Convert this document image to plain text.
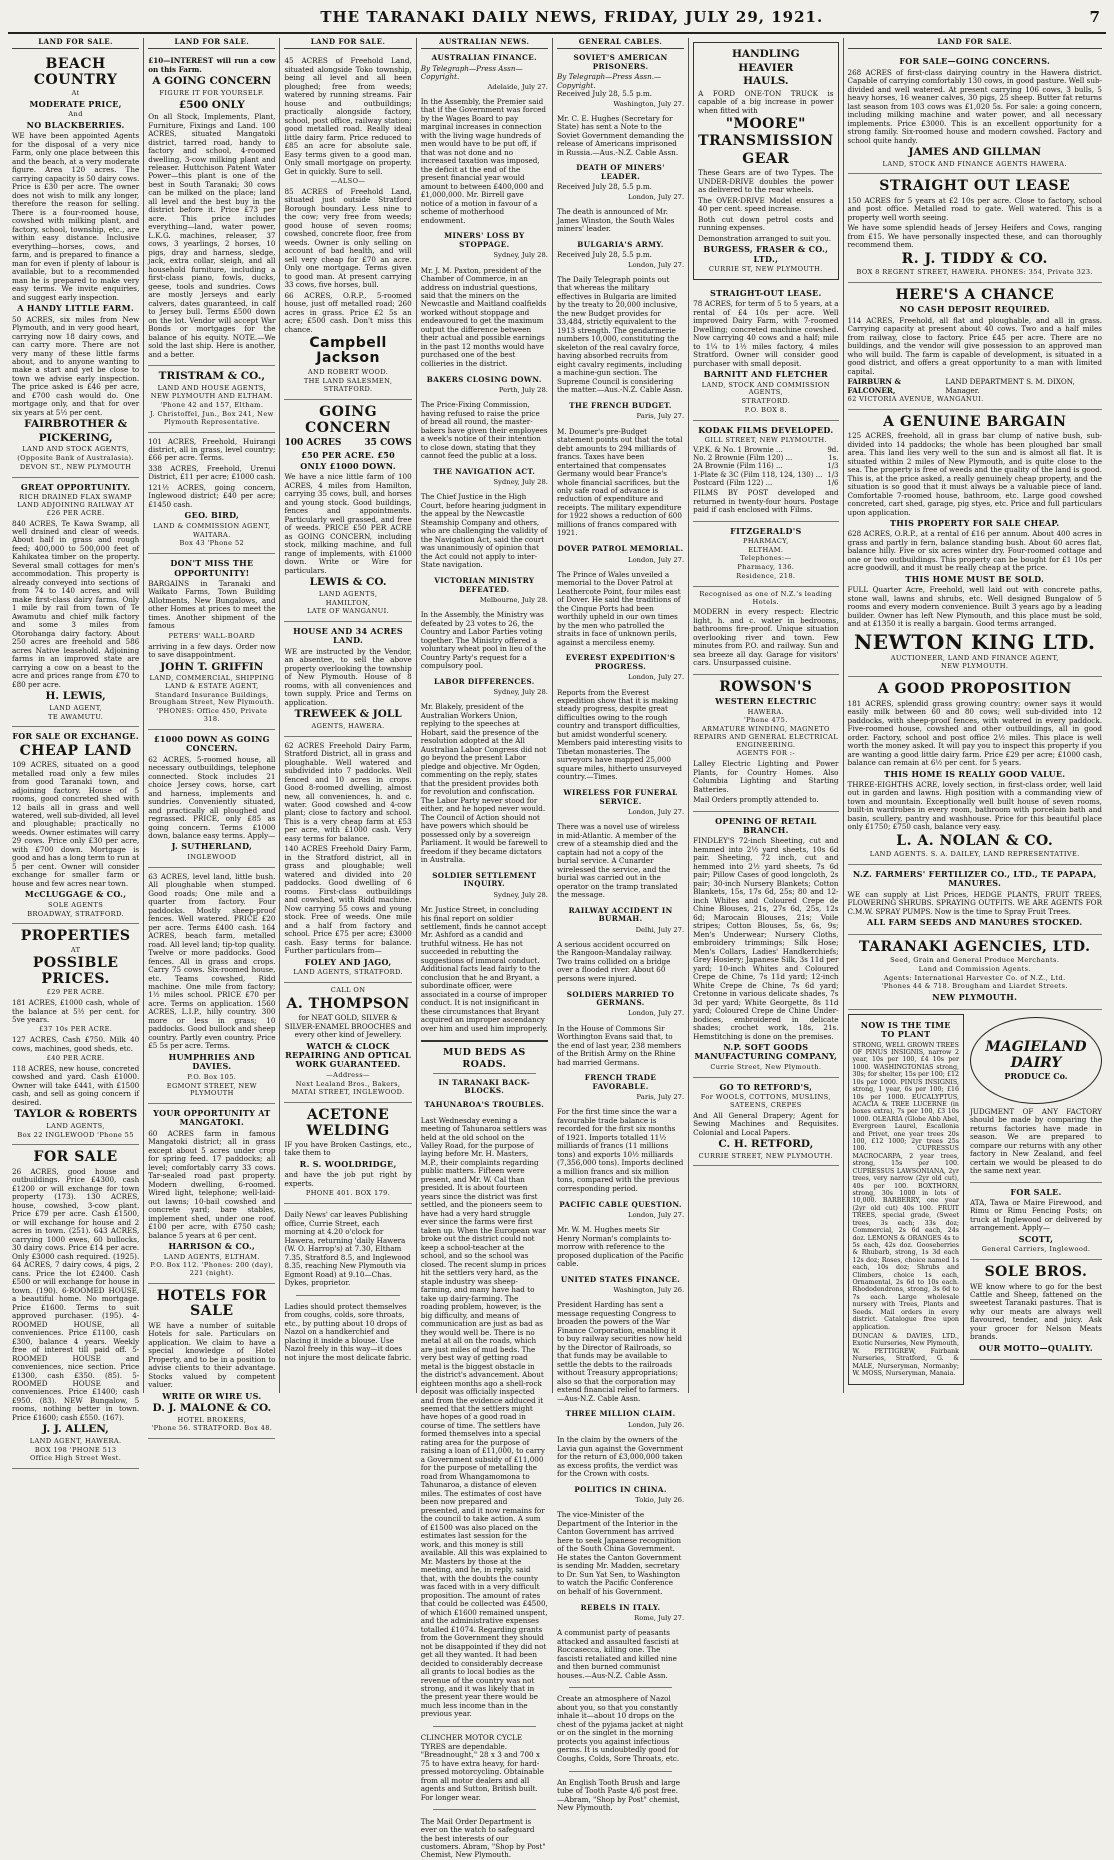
THE TARANAKI DAILY NEWS, FRIDAY, JULY 29, 1921.	7
LAND FOR SALE.
BEACH COUNTRY
At
MODERATE PRICE,
And
NO BLACKBERRIES.

WE have been appointed Agents for the disposal of a very nice Farm, only one place between this and the beach, at a very moderate figure. Area 120 acres. The carrying capacity is 50 dairy cows. Price is £30 per acre. The owner does not wish to milk any longer, therefore the reason for selling. There is a four-roomed house, cowshed with milking plant, and factory, school, township, etc., are within easy distance. Inclusive everything—horses, cows, and farm, and is prepared to finance a man for even if plenty of labour is available, but to a recommended man he is prepared to make very easy terms. We invite enquiries, and suggest early inspection.

A HANDY LITTLE FARM.

50 ACRES, six miles from New Plymouth, and in very good heart, carrying now 18 dairy cows, and can carry more. There are not very many of these little farms about, and to anyone wanting to make a start and yet be close to town we advise early inspection. The price asked is £46 per acre, and £700 cash would do. One mortgage only, and that for over six years at 5½ per cent.

FAIRBROTHER &
PICKERING,
LAND AND STOCK AGENTS,
(Opposite Bank of Australasia).
DEVON ST., NEW PLYMOUTH
GREAT OPPORTUNITY.
RICH DRAINED FLAX SWAMP LAND ADJOINING RAILWAY AT £26 PER ACRE.

840 ACRES, Te Kawa Swamp, all well drained and clear of weeds. About half in grass and rough feed; 400,000 to 500,000 feet of Kahikatea timber on the property. Several small cottages for men's accommodation. This property is already conveyed into sections of from 74 to 140 acres, and will make first-class dairy farms. Only 1 mile by rail from town of Te Awamutu and chief milk factory and some 3 miles from Otorohanga dairy factory. About 250 acres are freehold and 586 acres Native leasehold. Adjoining farms in an improved state are carrying a cow on a beast to the acre and prices range from £70 to £80 per acre.

H. LEWIS,
LAND AGENT,
TE AWAMUTU.
FOR SALE OR EXCHANGE.
CHEAP LAND

109 ACRES, situated on a good metalled road only a few miles from good Taranaki town, and adjoining factory. House of 5 rooms, good concreted shed with 12 bails all in grass and well watered, well sub-divided, all level and ploughable; practically no weeds. Owner estimates will carry 29 cows. Price only £30 per acre, with £700 down. Mortgage is good and has a long term to run at 5 per cent. Owner will consider exchange for smaller farm or house and few acres near town.

McCLUGGAGE & CO.,
SOLE AGENTS
BROADWAY, STRATFORD.
PROPERTIES
AT
POSSIBLE PRICES.
£29 PER ACRE.

181 ACRES, £1000 cash, whole of the balance at 5½ per cent. for 5ve years.

£37 10s PER ACRE.

127 ACRES, Cash £750. Milk 40 cows, machines, good sheds, etc.

£40 PER ACRE.

118 ACRES, new house, concreted cowshed and yard. Cash £1000. Owner will take £441, with £1500 cash, and sell as going concern if desired.

TAYLOR & ROBERTS
LAND AGENTS,
Box 22 INGLEWOOD 'Phone 55
FOR SALE

26 ACRES, good house and outbuildings. Price £4300, cash £1200 or will exchange for town property (173). 130 ACRES, house, cowshed, 3-cow plant. Price £79 per acre. Cash £1500, or will exchange for house and 2 acres in town. (251). 643 ACRES, carrying 1000 ewes, 60 bullocks, 30 dairy cows. Price £14 per acre. Only £3000 cash required. (1925). 64 ACRES, 7 dairy cows, 4 pigs, 2 cans. Price the lot £2400. Cash £500 or will exchange for house in town. (190). 6-ROOMED HOUSE, a beautiful home. No mortgage. Price £1600. Terms to suit approved purchaser. (195). 4-ROOMED HOUSE, all conveniences. Price £1100, cash £300, balance 4 years. Weekly free of interest till paid off. 5-ROOMED HOUSE and conveniences, nice section. Price £1300, cash £350. (85). 5-ROOMED HOUSE and conveniences. Price £1400; cash £950. (83). NEW Bungalow, 5 rooms, nothing better in town. Price £1600; cash £550. (167).

J. J. ALLEN,
LAND AGENT, HAWERA.
BOX 198 'PHONE 513
Office High Street West.
LAND FOR SALE.

£10—INTEREST will run a cow on this Farm.

A GOING CONCERN
FIGURE IT FOR YOURSELF.
£500 ONLY

On all Stock, Implements, Plant, Furniture, Fixings and Land. 100 ACRES, situated Mangatoki district, tarred road, handy to factory and school, 4-roomed dwelling, 3-cow milking plant and releaser. Huttchison Patent Water Power—this plant is one of the best in South Taranaki; 30 cows can be milked on the place; land all level and the best buy in the district before it. Price £73 per acre. This price includes everything—land, water power, L.K.G. machines, releaser, 37 cows, 3 yearlings, 2 horses, 10 pigs, dray and harness, sledge, jack, extra collar, sleigh, and all household furniture, including a first-class piano, fowls, ducks, geese, tools and sundries. Cows are mostly Jerseys and early calvers, dates guaranteed, in calf to Jersey bull. Terms £500 down on the lot. Vendor will accept War Bonds or mortgages for the balance of his equity. NOTE.—We sold the last ship. Here is another, and a better.

TRISTRAM & CO.,
LAND AND HOUSE AGENTS,
NEW PLYMOUTH AND ELTHAM.
'Phone 42 and 157, Eltham.
J. Christoffel, Jun., Box 241, New Plymouth Representative.

101 ACRES, Freehold, Huirangi district, all in grass, level country; £66 per acre. Terms.

338 ACRES, Freehold, Urenui District, £11 per acre; £1000 cash.

121½ ACRES, going concern, Inglewood district; £40 per acre; £1450 cash.

GEO. BIRD,
LAND & COMMISSION AGENT,
WAITARA.
Box 43 'Phone 52
DON'T MISS THE OPPORTUNITY!

BARGAINS in Taranaki and Waikato Farms, Town Building Allotments, New Bungalows, and other Homes at prices to meet the times. Another shipment of the famous

PETERS' WALL-BOARD

arriving in a few days. Order now to save disappointment.

JOHN T. GRIFFIN
LAND, COMMERCIAL, SHIPPING LAND & ESTATE AGENT,
Standard Insurance Buildings, Brougham Street, New Plymouth.
'PHONES: Office 450, Private 318.
£1000 DOWN AS GOING CONCERN.

62 ACRES, 5-roomed house, all necessary outbuildings, telephone connected. Stock includes 21 choice Jersey cows, horse, cart and harness, implements and sundries. Conveniently situated, and practically all ploughed and regrassed. PRICE, only £85 as going concern. Terms £1000 down, balance easy terms. Apply—

J. SUTHERLAND,
INGLEWOOD

63 ACRES, level land, little bush. All ploughable when stumped. Good roads; One mile and a quarter from factory. Four paddocks. Mostly sheep-proof fences. Well watered. PRICE £20 per acre. Terms £400 cash. 164 ACRES, beach farm, metalled road. All level land; tip-top quality. Twelve or more paddocks. Good fences. All in grass and crops. Carry 75 cows. Six-roomed house, etc. Teams cowshed, Ridd machine. One mile from factory; 1½ miles school. PRICE £70 per acre. Terms on application. 1560 ACRES, L.I.P., hilly country. 300 more or less in grass; 10 paddocks. Good bullock and sheep country. Partly even country. Price £5 5s per acre. Terms.

HUMPHRIES AND DAVIES.
P.O. Box 105.
EGMONT STREET, NEW PLYMOUTH
YOUR OPPORTUNITY AT MANGATOKI.

60 ACRES farm in famous Mangatoki district; all in grass except about 5 acres under crop for spring feed. 17 paddocks; all level; comfortably carry 33 cows. Tar-sealed road past property. Modern dwelling, 6-roomed. Wired light, telephone; well-laid-out lawns; 10-bail cowshed and concrete yard; bare stables, implement shed, under one roof. £100 per acre, with £750 cash; balance 5 years at 6 per cent.

HARRISON & CO.,
LAND AGENTS, ELTHAM.
P.O. Box 112. 'Phones: 200 (day), 221 (night).
HOTELS FOR SALE

WE have a number of suitable Hotels for sale. Particulars on application. We claim to have a special knowledge of Hotel Property, and to be in a position to advise clients to their advantage. Stocks valued by competent valuer.

WRITE OR WIRE US.
D. J. MALONE & CO.
HOTEL BROKERS,
'Phone 56. STRATFORD. Box 48.
LAND FOR SALE.

45 ACRES of Freehold Land, situated alongside Toko township, being all level and all been ploughed; free from weeds; watered by running streams. Fair house and outbuildings; practically alongside factory, school, post office, railway station; good metalled road. Really ideal little dairy farm. Price reduced to £85 an acre for absolute sale. Easy terms given to a good man. Only small mortgage on property. Get in quickly. Sure to sell.

—ALSO—

85 ACRES of Freehold Land, situated just outside Stratford Borough boundary. Less nine to the cow; very free from weeds; good house of seven rooms; cowshed, concrete floor, free from weeds. Owner is only selling on account of bad health, and will sell very cheap for £70 an acre. Only one mortgage. Terms given to good man. At present carrying 33 cows, five horses, bull.

66 ACRES, O.R.P., 5-roomed house, just off metalled road; 260 acres in grass. Price £2 5s an acre; £500 cash. Don't miss this chance.

Campbell Jackson
AND ROBERT WOOD.
THE LAND SALESMEN,
STRATFORD.
GOING CONCERN
100 ACRES	35 COWS
£50 PER ACRE. £50
ONLY £1000 DOWN.

We have a nice little farm of 100 ACRES, 4 miles from Hamilton, carrying 35 cows, bull, and horses and young stock. Good buildings, fences and appointments. Particularly well grassed, and free of weeds. PRICE £50 PER ACRE as GOING CONCERN, including stock, milking machine, and full range of implements, with £1000 down. Write or Wire for particulars.

LEWIS & CO.
LAND AGENTS,
HAMILTON,
LATE OF WANGANUI.
HOUSE AND 34 ACRES LAND.

WE are instructed by the Vendor, an absentee, to sell the above property overlooking the township of New Plymouth. House of 8 rooms, with all conveniences and town supply. Price and Terms on application.

TREWEEK & JOLL
AGENTS, HAWERA.

62 ACRES Freehold Dairy Farm, Stratford District, all in grass and ploughable. Well watered and subdivided into 7 paddocks. Well fenced and 10 acres in crops. Good 8-roomed dwelling, almost new, all conveniences, h. and c. water. Good cowshed and 4-cow plant; close to factory and school. This is a very cheap farm at £53 per acre, with £1000 cash. Very easy terms for balance.

140 ACRES Freehold Dairy Farm, in the Stratford district, all in grass and ploughable; well watered and divided into 20 paddocks. Good dwelling of 6 rooms. First-class outbuildings and cowshed, with Ridd machine. Now carrying 55 cows and young stock. Free of weeds. One mile and a half from factory and school. Price £75 per acre; £3000 cash. Easy terms for balance. Further particulars from—

FOLEY AND JAGO,
LAND AGENTS, STRATFORD.
CALL ON
A. THOMPSON

for NEAT GOLD, SILVER & SILVER-ENAMEL BROOCHES and every other kind of Jewellery.

WATCH & CLOCK REPAIRING AND OPTICAL WORK GUARANTEED.
—Address—
Next Lealand Bros., Bakers,
MATAI STREET, INGLEWOOD.
ACETONE WELDING

IF you have Broken Castings, etc., take them to

R. S. WOOLDRIDGE,

and have the job put right by experts.

PHONE 401. BOX 179.

Daily News' car leaves Publishing office, Currie Street, each morning at 4.20 o'clock for Hawera, returning 'daily Hawera (W. O. Harrop's) at 7.30, Eltham 7.35, Stratford 8.5, and Inglewood 8.35, reaching New Plymouth via Egmont Road) at 9.10—Chas. Dykes, proprietor.

Ladies should protect themselves from coughs, colds, sore throats, etc., by putting about 10 drops of Nazol on a handkerchief and placing it inside a blouse. Use Nazol freely in this way—it does not injure the most delicate fabric.

AUSTRALIAN NEWS.
AUSTRALIAN FINANCE.
By Telegraph—Press Assn—Copyright.
Adelaide, July 27.

In the Assembly, the Premier said that if the Government was forced by the Wages Board to pay marginal increases in connection with the living wage hundreds of men would have to be put off, if that was not done and no increased taxation was imposed, the deficit at the end of the present financial year would amount to between £400,000 and £1,000,000. Mr. Birrell gave notice of a motion in favour of a scheme of motherhood endowment.

MINERS' LOSS BY STOPPAGE.
Sydney, July 28.

Mr. J. M. Paxton, president of the Chamber of Commerce, in an address on industrial questions, said that the miners on the Newcastle and Maitland coalfields worked without stoppage and endeavoured to get the maximum output the difference between their actual and possible earnings in the past 12 months would have purchased one of the best collieries in the district.

BAKERS CLOSING DOWN.
Perth, July 28.

The Price-Fixing Commission, having refused to raise the price of bread all round, the master-bakers have given their employees a week's notice of their intention to close down, stating that they cannot feed the public at a loss.

THE NAVIGATION ACT.
Sydney, July 28.

The Chief Justice in the High Court, before hearing judgment in the appeal by the Newcastle Steamship Company and others, who are challenging the validity of the Navigation Act, said the court was unanimously of opinion that the Act could not apply to inter-State navigation.

VICTORIAN MINISTRY DEFEATED.
Melbourne, July 28.

In the Assembly, the Ministry was defeated by 23 votes to 26, the Country and Labor Parties voting together. The Ministry offered a voluntary wheat pool in lieu of the Country Party's request for a compulsory pool.

LABOR DIFFERENCES.
Sydney, July 28.

Mr. Blakely, president of the Australian Workers Union, replying to the speeches at Hobart, said the presence of the resolution adopted at the All Australian Labor Congress did not go beyond the present Labor pledge and objective. Mr Ogden, commenting on the reply, states that the president provides both for revolution and confiscation. The Labor Party never stood for either, and he hoped never would. The Council of Action should not have powers which should be possessed only by a sovereign Parliament. It would be farewell to freedom if they became dictators in Australia.

SOLDIER SETTLEMENT INQUIRY.
Sydney, July 28.

Mr. Justice Street, in concluding his final report on soldier settlement, finds he cannot accept Mr. Ashford as a candid and truthful witness. He has not succeeded in rebutting the suggestions of immoral conduct. Additional facts lead fairly to the conclusion that he and Bryant, a subordinate officer, were associated in a course of improper conduct. It is not insignificant in these circumstances that Bryant acquired an improper ascendancy over him and used him improperly.

MUD BEDS AS ROADS.
IN TARANAKI BACK-BLOCKS.
TAHUNAROA'S TROUBLES.

Last Wednesday evening a meeting of Tahunaroa settlers was held at the old school on the Valley Road, for the purpose of laying before Mr. H. Masters, M.P., their complaints regarding public matters. Fifteen were present, and Mr. W. Cal than presided. It is about fourteen years since the district was first settled, and the pioneers seem to have had a very hard struggle ever since the farms were first taken up. When the European war broke out the district could not keep a school-teacher at the school, and so the school was closed. The recent slump in prices hit the settlers very hard, as the staple industry was sheep-farming, and many have had to take up dairy-farming. The roading problem, however, is the big difficulty, and means of communication are just as bad as they would well be. There is no metal at all on the roads, which are just miles of mud beds. The very best way of getting road metal is the biggest obstacle in the district's advancement. About eighteen months ago a shell-rock deposit was officially inspected and from the evidence adduced it seemed that the settlers might have hopes of a good road in course of time. The settlers have formed themselves into a special rating area for the purpose of raising a loan of £11,000, to carry a Government subsidy of £11,000 for the purpose of metalling the road from Whangamomona to Tahunaroa, a distance of eleven miles. The estimates of cost have been now prepared and presented, and it now remains for the council to take action. A sum of £1500 was also placed on the estimates last session for the work, and this money is still available. All this was explained to Mr. Masters by those at the meeting, and he, in reply, said that, with the doubts the county was faced with in a very difficult proposition. The amount of rates that could be collected was £4500, of which £1600 remained unspent, and the administrative expenses totalled £1074. Regarding grants from the Government they should not be disappointed if they did not get all they wanted. It had been decided to considerably decrease all grants to local bodies as the revenue of the country was not strong, and it was likely that in the present year there would be much less income than in the previous year.

CLINCHER MOTOR CYCLE TYRES are dependable. "Breadnought," 28 x 3 and 700 x 75 to have extra heavy, for hard-pressed motorcycling. Obtainable from all motor dealers and all agents and Sutton, British built. For longer wear.

The Mail Order Department is ever on the watch to safeguard the best interests of our customers. Abram, "Shop by Post" Chemist, New Plymouth.

GENERAL CABLES.
SOVIET'S AMERICAN PRISONERS.
By Telegraph—Press Assn.—Copyright.
Received July 28, 5.5 p.m.
Washington, July 27.

Mr. C. E. Hughes (Secretary for State) has sent a Note to the Soviet Government demanding the release of Americans imprisoned in Russia.—Aus.-N.Z. Cable Assn.

DEATH OF MINERS' LEADER.
Received July 28, 5.5 p.m.
London, July 27.

The death is announced of Mr. James Winston, the South Wales miners' leader.

BULGARIA'S ARMY.
Received July 28, 5.5 p.m.
London, July 27.

The Daily Telegraph points out that whereas the military effectives in Bulgaria are limited by the treaty to 20,000 inclusive, the new Budget provides for 33,484, strictly equivalent to the 1913 strength. The gendarmerie numbers 10,000, constituting the skeleton of the real cavalry force, having absorbed recruits from eight cavalry regiments, including a machine-gun section. The Supreme Council is considering the matter.—Aus.-N.Z. Cable Assn.

THE FRENCH BUDGET.
Paris, July 27.

M. Doumer's pre-Budget statement points out that the total debt amounts to 294 milliards of francs. Taxes have been entertained that compensates Germany would bear France's whole financial sacrifices, but the only safe road of advance is reduction of expenditure and receipts. The military expenditure for 1922 shows a reduction of 600 millions of francs compared with 1921.

DOVER PATROL MEMORIAL.
London, July 27.

The Prince of Wales unveiled a memorial to the Dover Patrol at Leathercote Point, four miles east of Dover. He said the traditions of the Cinque Ports had been worthily upheld in our own times by the men who patrolled the straits in face of unknown perils, against a merciless enemy.

EVEREST EXPEDITION'S PROGRESS.
London, July 27.

Reports from the Everest expedition show that it is making steady progress, despite great difficulties owing to the rough country and transport difficulties, but amidst wonderful scenery. Members paid interesting visits to Tibetan monasteries. The surveyors have mapped 25,000 square miles, hitherto unsurveyed country.—Times.

WIRELESS FOR FUNERAL SERVICE.
London, July 27.

There was a novel use of wireless in mid-Atlantic. A member of the crew of a steamship died and the captain had not a copy of the burial service. A Cunarder wirelessed the service, and the burial was carried out in the operator on the tramp translated the message.

RAILWAY ACCIDENT IN BURMAH.
Delhi, July 27.

A serious accident occurred on the Rangoon-Mandalay railway. Two trains collided on a bridge over a flooded river. About 60 persons were injured.

SOLDIERS MARRIED TO GERMANS.
London, July 27.

In the House of Commons Sir Worthington Evans said that, to the end of last year, 238 members of the British Army on the Rhine had married Germans.

FRENCH TRADE FAVORABLE.
Paris, July 27.

For the first time since the war a favourable trade balance is recorded for the first six months of 1921. Imports totalled 11½ milliards of francs (11 millions tons) and exports 10½ milliards (7,356,000 tons). Imports declined a million francs and six million tons, compared with the previous corresponding period.

PACIFIC CABLE QUESTION.
London, July 27.

Mr. W. M. Hughes meets Sir Henry Norman's complaints to-morrow with reference to the proposed duplication of the Pacific cable.

UNITED STATES FINANCE.
Washington, July 26.

President Harding has sent a message requesting Congress to broaden the powers of the War Finance Corporation, enabling it to buy railway securities now held by the Director of Railroads, so that funds may be available to settle the debts to the railroads without Treasury appropriations; also so that the corporation may extend financial relief to farmers.—Aus-N.Z. Cable Assn.

THREE MILLION CLAIM.
London, July 26.

In the claim by the owners of the Lavia gun against the Government for the return of £3,000,000 taken as excess profits, the verdict was for the Crown with costs.

POLITICS IN CHINA.
Tokio, July 26.

The vice-Minister of the Department of the Interior in the Canton Government has arrived here to seek Japanese recognition of the South China Government. He states the Canton Government is sending Mr. Madden, secretary to Dr. Sun Yat Sen, to Washington to watch the Pacific Conference on behalf of his Government.

REBELS IN ITALY.
Rome, July 27.

A communist party of peasants attacked and assaulted fascisti at Roccasecca, killing one. The fascisti retaliated and killed nine and then burned communist houses.—Aus-N.Z. Cable Assn.

Create an atmosphere of Nazol about you, so that you constantly inhale it—about 10 drops on the chest of the pyjama jacket at night or on the singlet in the morning protects you against infectious germs. It is undoubtedly good for Coughs, Colds, Sore Throats, etc.

An English Tooth Brush and large tube of Tooth Paste 4/6 post free.—Abram, "Shop by Post" chemist, New Plymouth.

HANDLING
HEAVIER
HAULS.

A FORD ONE-TON TRUCK is capable of a big increase in power when fitted with

"MOORE"
TRANSMISSION
GEAR

These Gears are of two Types. The UNDER-DRIVE doubles the power as delivered to the rear wheels.

The OVER-DRIVE Model ensures a 40 per cent. speed increase.

Both cut down petrol costs and running expenses.

Demonstration arranged to suit you.

BURGESS, FRASER & CO., LTD.,
CURRIE ST, NEW PLYMOUTH.
STRAIGHT-OUT LEASE.

78 ACRES, for term of 5 to 5 years, at a rental of £4 10s per acre. Well improved Dairy Farm, with 7-roomed Dwelling; concreted machine cowshed. Now carrying 40 cows and a half; mile to 1¼ to 1½ miles factory, 4 miles Stratford. Owner will consider good purchaser with small deposit.

BARNITT AND FLETCHER
LAND, STOCK AND COMMISSION AGENTS,
STRATFORD.
P.O. BOX 8.
KODAK FILMS DEVELOPED.
GILL STREET, NEW PLYMOUTH.
V.P.K. & No. 1 Brownie ...	9d.
No. 2 Brownie (Film 120) ...	1s.
2A Brownie (Film 116) ...	1/3
1-Plate & 3C (Film 118, 124, 130) ... 1/3
Postcard (Film 122) ...	1/6

FILMS BY POST developed and returned in twenty-four hours. Postage paid if cash enclosed with Films.

FITZGERALD'S
PHARMACY,
ELTHAM.
Telephones:—
Pharmacy, 136.
Residence, 218.
Recognised as one of N.Z.'s leading Hotels.

MODERN in every respect: Electric light, h. and c. water in bedrooms, bathrooms fire-proof. Unique situation overlooking river and town. Few minutes from P.O. and railway. Sun and sea breeze all day. Garage for visitors' cars. Unsurpassed cuisine.

ROWSON'S
WESTERN ELECTRIC
HAWERA.
'Phone 475.
ARMATURE WINDING, MAGNETO REPAIRS AND GENERAL ELECTRICAL ENGINEERING.
AGENTS FOR :-

Lalley Electric Lighting and Power Plants, for Country Homes. Also Columbia Lighting and Starting Batteries.

Mail Orders promptly attended to.

OPENING OF RETAIL BRANCH.

FINDLEY'S 72-inch Sheeting, cut and hemmed into 2½ yard sheets, 10s 6d pair. Sheeting, 72 inch, cut and hemmed into 2½ yard sheets, 7s 6d pair; Pillow Cases of good longcloth, 2s pair; 30-inch Nursery Blankets; Cotton Blankets, 15s, 17s 6d, 25s; 80 and 12-inch Whites and Coloured Crepe de Chine Blouses, 21s, 27s 6d, 25s, 12s 6d; Marocain Blouses, 21s; Voile stripes; Cotton Blouses, 5s, 6s, 9s; Men's Underwear; Nursery Cloths, embroidery trimmings; Silk Hose; Men's Collars, Ladies' Handkerchiefs; Grey Hosiery; Japanese Silk, 3s 11d per yard; 10-inch Whites and Coloured Crepe de Chine, 7s 11d yard; 12-inch White Crepe de Chine, 7s 6d yard; Cretonne in various delicate shades, 7s 3d per yard; White Georgette, 8s 11d yard; Coloured Crepe de Chine Under-bodices, embroidered in delicate shades; crochet work, 18s, 21s. Hemstitching is done on the premises.

N.P. SOFT GOODS MANUFACTURING COMPANY,
Currie Street, New Plymouth.
GO TO RETFORD'S,
For WOOLS, COTTONS, MUSLINS, SATEENS, CREPES

And All General Drapery; Agent for Sewing Machines and Requisites. Colonial and Local Papers.

C. H. RETFORD,
CURRIE STREET, NEW PLYMOUTH.
LAND FOR SALE.
FOR SALE—GOING CONCERNS.

268 ACRES of first-class dairying country in the Hawera district. Capable of carrying comfortably 130 cows, in good pasture. Well sub-divided and well watered. At present carrying 106 cows, 3 bulls, 5 heavy horses, 16 weaner calves, 30 pigs, 25 sheep. Butter fat returns last season from 103 cows was £1,020 5s. For sale: a going concern, including milking machine and water power, and all necessary implements. Price £3000. This is an excellent opportunity for a strong family. Six-roomed house and modern cowshed. Factory and school quite handy.

JAMES AND GILLMAN
LAND, STOCK AND FINANCE AGENTS HAWERA.
STRAIGHT OUT LEASE

150 ACRES for 5 years at £2 10s per acre. Close to factory, school and post office. Metalled road to gate. Well watered. This is a property well worth seeing.

We have some splendid heads of Jersey Heifers and Cows, ranging from £15. We have personally inspected these, and can thoroughly recommend them.

R. J. TIDDY & CO.
BOX 8 REGENT STREET, HAWERA. PHONES: 354, Private 323.
HERE'S A CHANCE
NO CASH DEPOSIT REQUIRED.

114 ACRES, Freehold, all flat and ploughable, and all in grass. Carrying capacity at present about 40 cows. Two and a half miles from railway, close to factory. Price £45 per acre. There are no buildings, and the vendor will give possession to an approved man who will build. The farm is capable of development, is situated in a good district, and offers a great opportunity to a man with limited capital.

FAIRBURN & FALCONER,
LAND DEPARTMENT S. M. DIXON, Manager.
62 VICTORIA AVENUE, WANGANUI.
A GENUINE BARGAIN

125 ACRES, freehold, all in grass bar clump of native bush, sub-divided into 14 paddocks; the whole has been ploughed bar small area. This land lies very well to the sun and is almost all flat. It is situated within 2 miles of New Plymouth, and is quite close to the sea. The property is free of weeds and the quality of the land is good. This is, at the price asked, a really genuinely cheap property, and the situation is so good that it must always be a valuable piece of land. Comfortable 7-roomed house, bathroom, etc. Large good cowshed concreted, cart shed, garage, pig styes, etc. Price and full particulars upon application.

THIS PROPERTY FOR SALE CHEAP.

628 ACRES, O.R.P., at a rental of £16 per annum. About 400 acres in grass and partly in fern, balance standing bush. About 60 acres flat, balance hilly. Five or six acres winter dry. Four-roomed cottage and one or two outbuildings. This property can be bought for £1 10s per acre goodwill, and it must be really cheap at the price.

THIS HOME MUST BE SOLD.

FULL Quarter Acre, Freehold, well laid out with concrete paths, stone wall, lawns and shrubs, etc. Well designed Bungalow of 5 rooms and every modern convenience. Built 3 years ago by a leading builder. Owner has left New Plymouth, and this place must be sold, and at £1350 it is really a bargain. Good terms arranged.

NEWTON KING LTD.
AUCTIONEER, LAND AND FINANCE AGENT,
NEW PLYMOUTH.
A GOOD PROPOSITION

181 ACRES, splendid grass growing country; owner says it would easily milk between 60 and 80 cows; well sub-divided into 12 paddocks, with sheep-proof fences, with watered in every paddock. Five-roomed house, cowshed and other outbuildings, all in good order. Factory, school and post office 2½ miles. This place is well worth the money asked. It will pay you to inspect this property if you are wanting a good little dairy farm. Price £29 per acre; £1000 cash, balance can remain at 6½ per cent. for 5 years.

THIS HOME IS REALLY GOOD VALUE.

THREE-EIGHTHS ACRE, lovely section, in first-class order, well laid out in garden and lawns. High position with a commanding view of town and mountain. Exceptionally well built house of seven rooms, built-in wardrobes in every room, bathroom with porcelain bath and basin, scullery, pantry and washhouse. Price for this beautiful place only £1750; £750 cash, balance very easy.

L. A. NOLAN & CO.
LAND AGENTS. S. A. DAILEY, LAND REPRESENTATIVE.
N.Z. FARMERS' FERTILIZER CO., LTD., TE PAPAPA, MANURES.

WE can supply at List Prices, HEDGE PLANTS, FRUIT TREES, FLOWERING SHRUBS. SPRAYING OUTFITS. WE ARE AGENTS FOR C.M.W. SPRAY PUMPS. Now is the time to Spray Fruit Trees.

ALL FARM SEEDS AND MANURES STOCKED.
TARANAKI AGENCIES, LTD.
Seed, Grain and General Produce Merchants.
Land and Commission Agents.
Agents: International Harvester Co. of N.Z., Ltd.
'Phones 44 & 718. Brougham and Liardet Streets.
NEW PLYMOUTH.
NOW IS THE TIME TO PLANT

STRONG, WELL GROWN TREES OF PINUS INSIGNIS, narrow 2 year, 10s per 100, £4 10s per 1000. WASHINGTONIAS strong, 30s; for shelter, 15s per 100; £12 10s per 1000. PINUS INSIGNIS, strong, 1 year, 6s per 100; £16 10s per 1000. EUCALYPTUS, ACACIA & TREE LUCERNE (in boxes extra), 7s per 100, £3 10s 1000. OLEARIA (Globe Abb Abel, Evergreen Laurel, Escallonia and Privet, one year trees 20s 100, £12 1000; 2yr trees 25s 100. CUPRESSUS MACROCARPA, 2 year trees, strong, 15s per 100. CUPRESSUS LAWSONIANA, 2yr trees, very narrow (2yr old cut), 40s per 100. BOXTHORN, strong, 30s 1000 in lots of 10,000. BARBERRY, one year (2yr old cut) 40s 100. FRUIT TREES, special grade, (Sweet trees, 3s each; 33s doz; Commercial, 2s 6d each, 24s doz. LEMONS & ORANGES 4s to 5s each, 42s doz. Gooseberries & Rhubarb, strong, 1s 3d each 12s doz; Roses, choice named 1s each, 10s doz; Shrubs and Climbers, choice 1s each, Ornamental, 2s 6d to 10s each. Rhododendrons, strong, 3s 6d to 7s each. Large wholesale nursery with Trees, Plants and Seeds. Mail orders in every district. Catalogue free upon application.

DUNCAN & DAVIES, LTD., Exotic Nurseries, New Plymouth, W. PETTIGREW, Fairbank Nurseries, Stratford, G. & MALE, Nurseryman, Normanby; W. MOSS, Nurseryman, Manaia.

MAGIELAND
DAIRY
PRODUCE Co.

JUDGMENT OF ANY FACTORY should be made by comparing the returns factories have made in season. We are prepared to compare our returns with any other factory in New Zealand, and feel certain we would be pleased to do the same next year.

FOR SALE.

ATA, Tawa or Maire Firewood, and Rimu or Rimu Fencing Posts; on truck at Inglewood or delivered by arrangement. Apply—

SCOTT,
General Carriers, Inglewood.
SOLE BROS.

WE know where to go for the best Cattle and Sheep, fattened on the sweetest Taranaki pastures. That is why our meats are always well flavoured, tender, and juicy. Ask your grocer for Nelson Meats brands.

OUR MOTTO—QUALITY.
